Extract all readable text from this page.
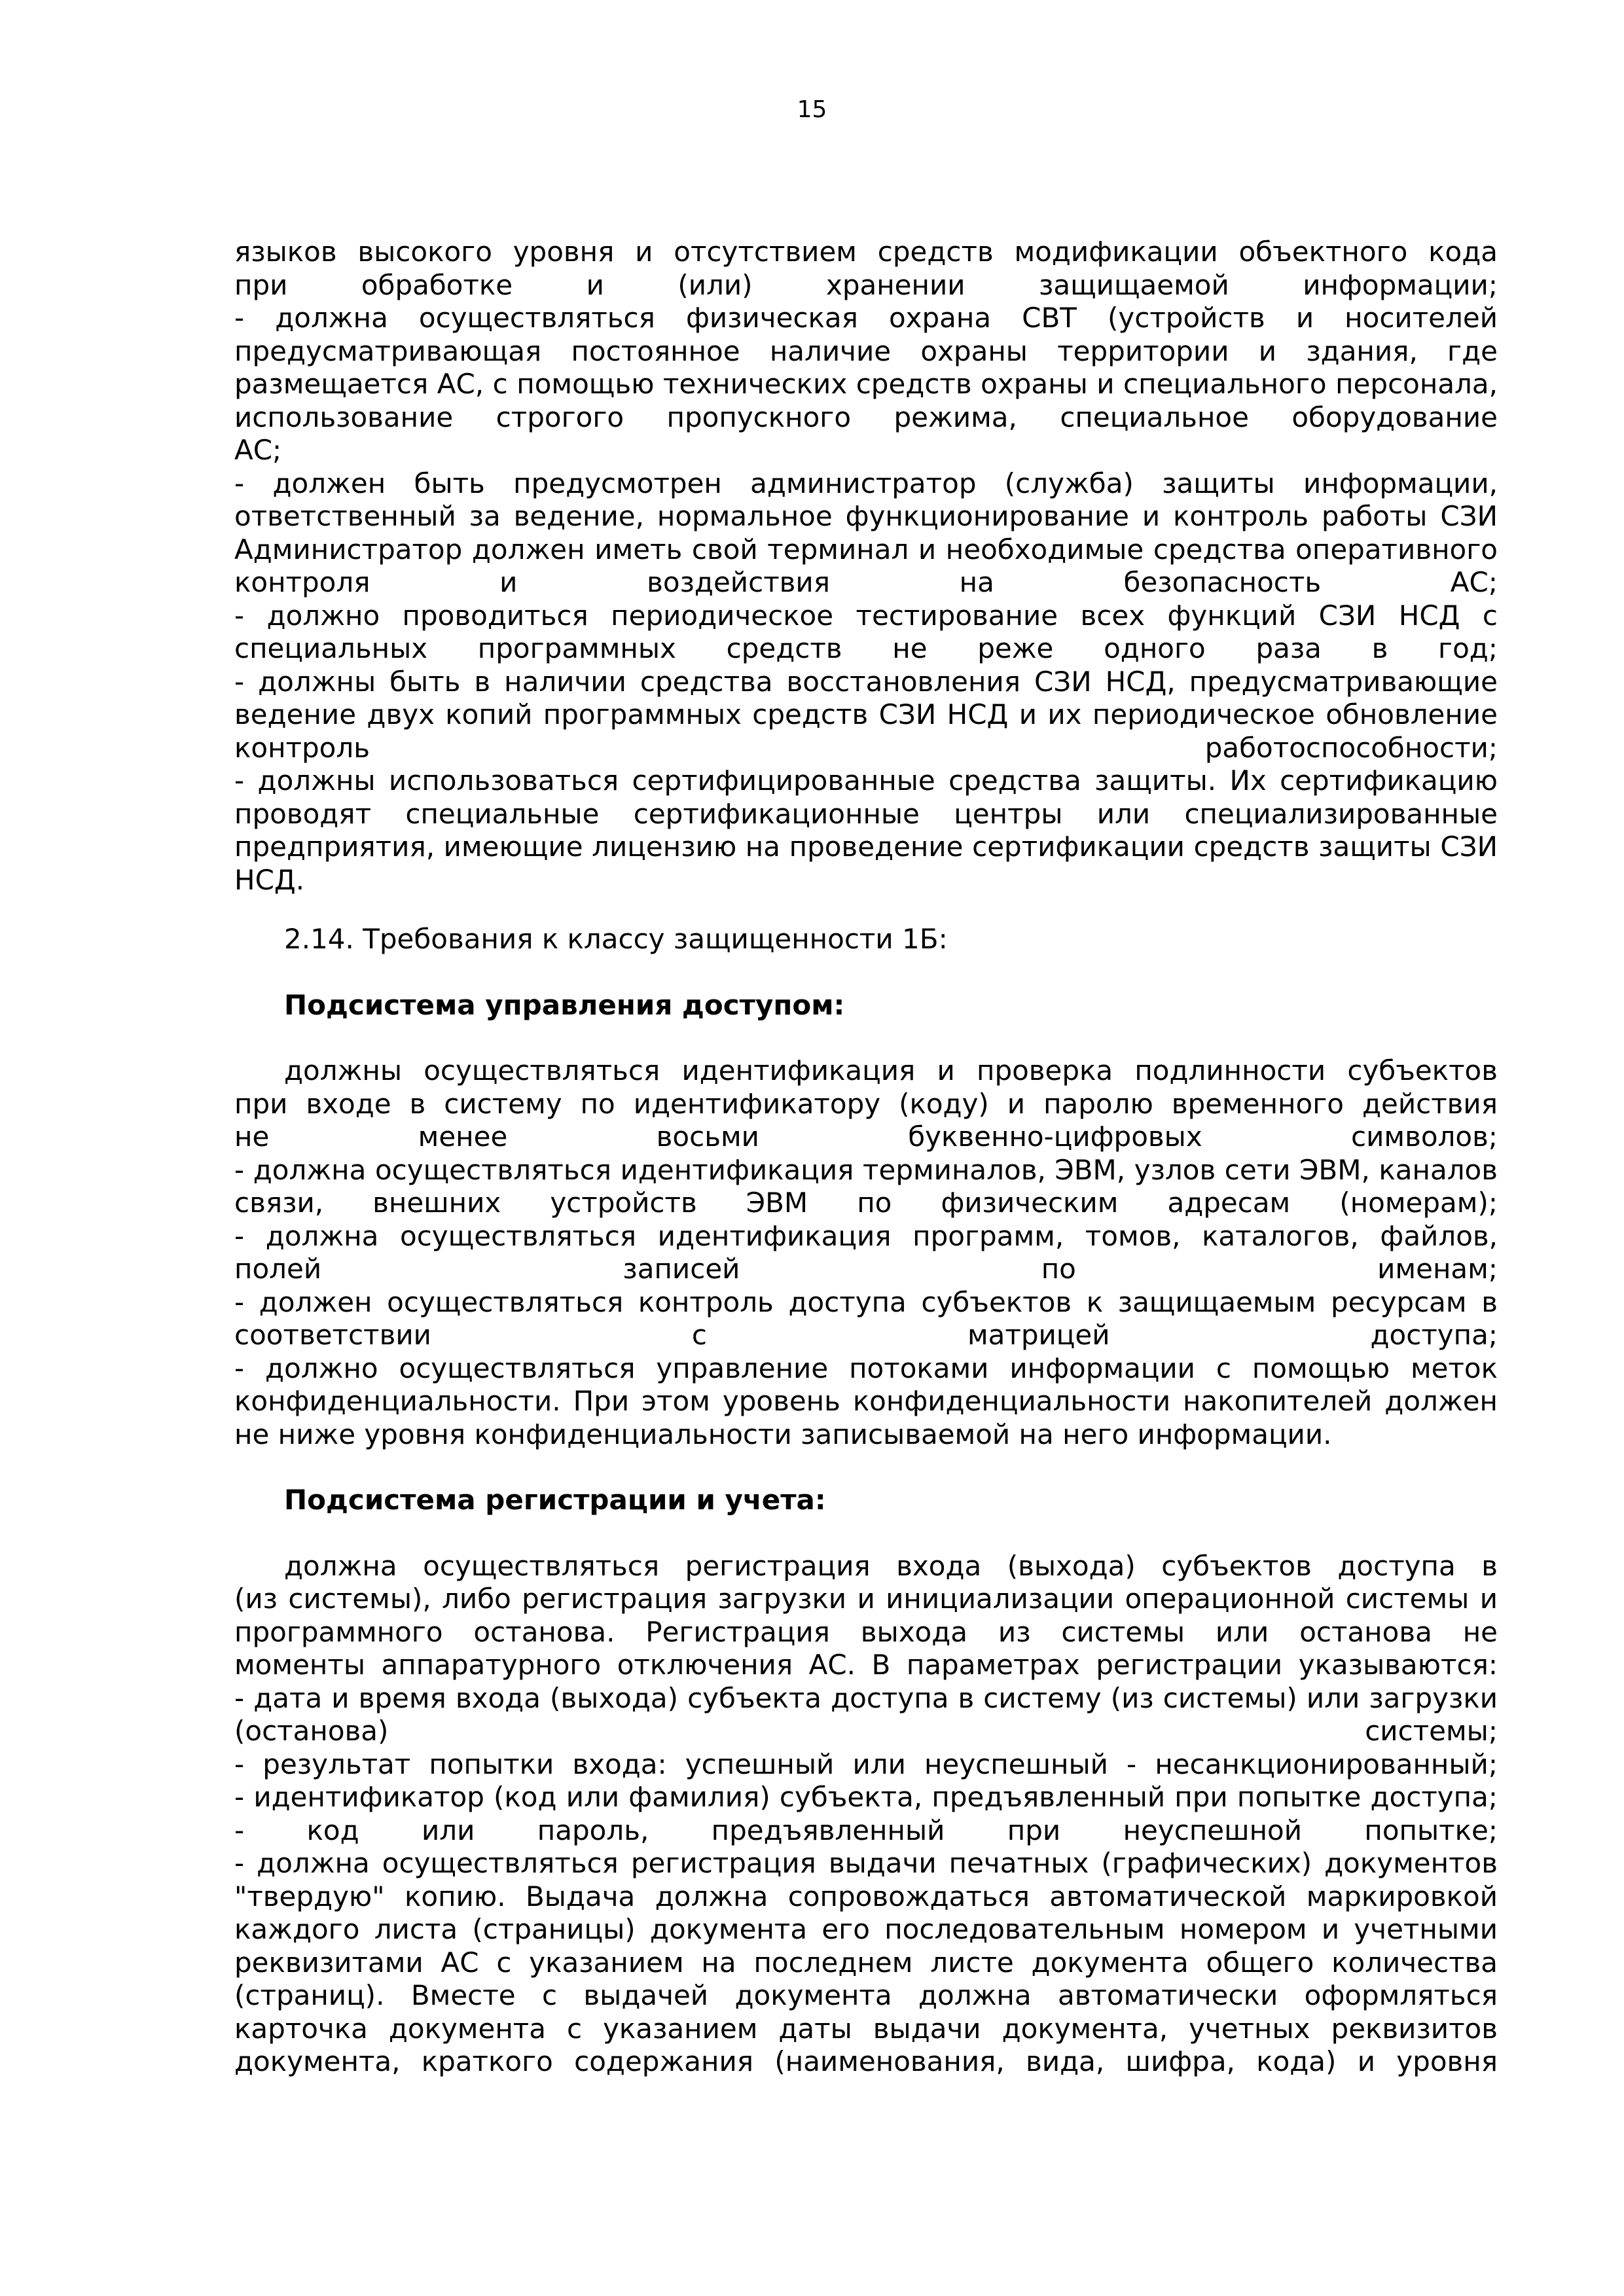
15
языков высокого уровня и отсутствием средств модификации объектного кода
при обработке и (или) хранении защищаемой информации;
- должна осуществляться физическая охрана СВТ (устройств и носителей
предусматривающая постоянное наличие охраны территории и здания, где
размещается АС, с помощью технических средств охраны и специального персонала,
использование строгого пропускного режима, специальное оборудование
АС;
- должен быть предусмотрен администратор (служба) защиты информации,
ответственный за ведение, нормальное функционирование и контроль работы СЗИ
Администратор должен иметь свой терминал и необходимые средства оперативного
контроля и воздействия на безопасность АС;
- должно проводиться периодическое тестирование всех функций СЗИ НСД с
специальных программных средств не реже одного раза в год;
- должны быть в наличии средства восстановления СЗИ НСД, предусматривающие
ведение двух копий программных средств СЗИ НСД и их периодическое обновление
контроль работоспособности;
- должны использоваться сертифицированные средства защиты. Их сертификацию
проводят специальные сертификационные центры или специализированные
предприятия, имеющие лицензию на проведение сертификации средств защиты СЗИ
НСД.
2.14. Требования к классу защищенности 1Б:
Подсистема управления доступом:
должны осуществляться идентификация и проверка подлинности субъектов
при входе в систему по идентификатору (коду) и паролю временного действия
не менее восьми буквенно-цифровых символов;
- должна осуществляться идентификация терминалов, ЭВМ, узлов сети ЭВМ, каналов
связи, внешних устройств ЭВМ по физическим адресам (номерам);
- должна осуществляться идентификация программ, томов, каталогов, файлов,
полей записей по именам;
- должен осуществляться контроль доступа субъектов к защищаемым ресурсам в
соответствии с матрицей доступа;
- должно осуществляться управление потоками информации с помощью меток
конфиденциальности. При этом уровень конфиденциальности накопителей должен
не ниже уровня конфиденциальности записываемой на него информации.
Подсистема регистрации и учета:
должна осуществляться регистрация входа (выхода) субъектов доступа в
(из системы), либо регистрация загрузки и инициализации операционной системы и
программного останова. Регистрация выхода из системы или останова не
моменты аппаратурного отключения АС. В параметрах регистрации указываются:
- дата и время входа (выхода) субъекта доступа в систему (из системы) или загрузки
(останова) системы;
- результат попытки входа: успешный или неуспешный - несанкционированный;
- идентификатор (код или фамилия) субъекта, предъявленный при попытке доступа;
- код или пароль, предъявленный при неуспешной попытке;
- должна осуществляться регистрация выдачи печатных (графических) документов
"твердую" копию. Выдача должна сопровождаться автоматической маркировкой
каждого листа (страницы) документа его последовательным номером и учетными
реквизитами АС с указанием на последнем листе документа общего количества
(страниц). Вместе с выдачей документа должна автоматически оформляться
карточка документа с указанием даты выдачи документа, учетных реквизитов
документа, краткого содержания (наименования, вида, шифра, кода) и уровня
